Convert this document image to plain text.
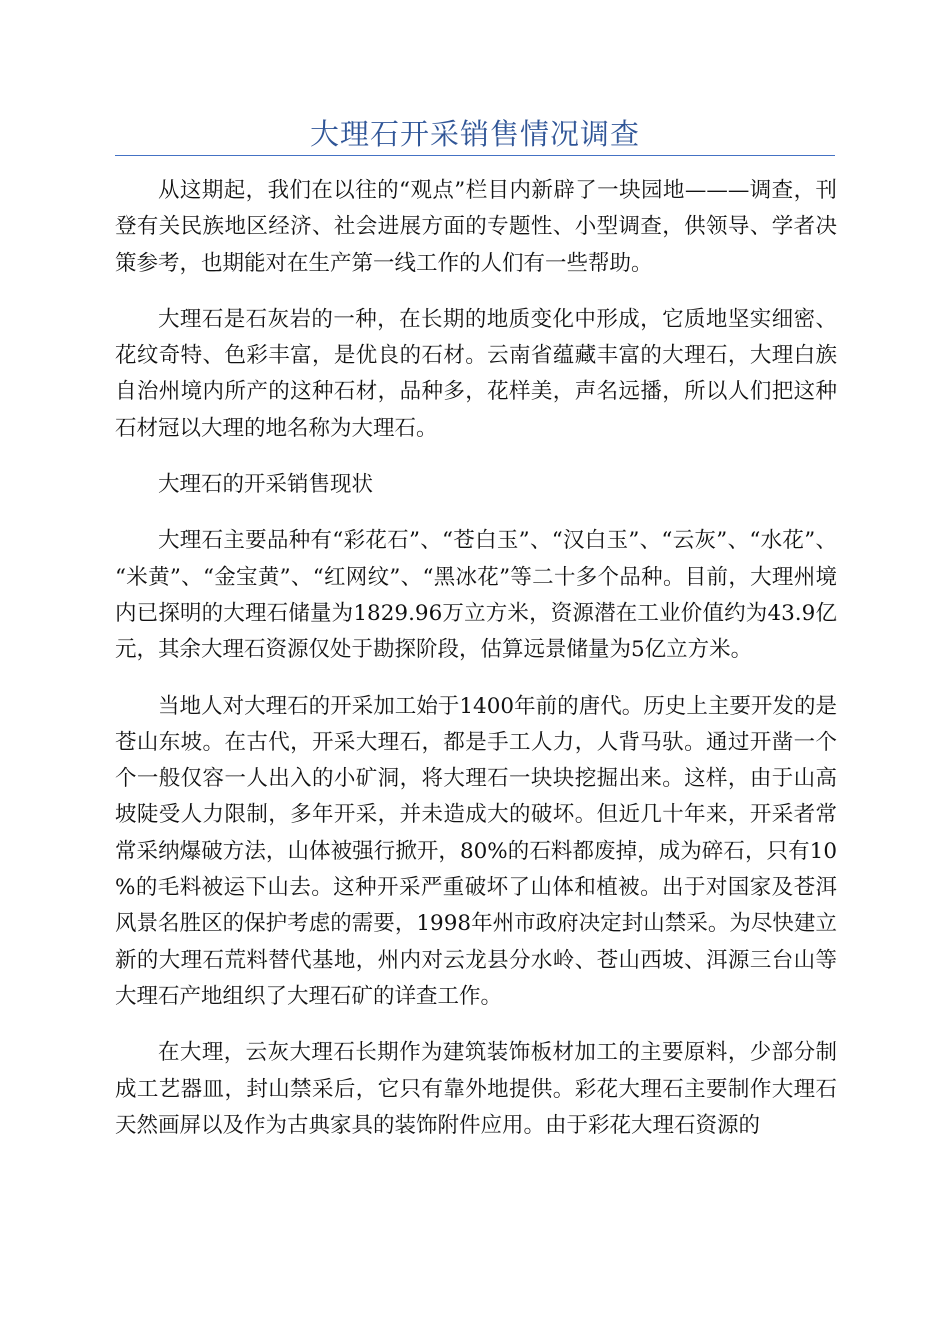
大理石开采销售情况调查

从这期起，我们在以往的“观点”栏目内新辟了一块园地———调查，刊登有关民族地区经济、社会进展方面的专题性、小型调查，供领导、学者决策参考，也期能对在生产第一线工作的人们有一些帮助。

大理石是石灰岩的一种，在长期的地质变化中形成，它质地坚实细密、花纹奇特、色彩丰富，是优良的石材。云南省蕴藏丰富的大理石，大理白族自治州境内所产的这种石材，品种多，花样美，声名远播，所以人们把这种石材冠以大理的地名称为大理石。

大理石的开采销售现状

大理石主要品种有“彩花石”、“苍白玉”、“汉白玉”、“云灰”、“水花”、“米黄”、“金宝黄”、“红网纹”、“黑冰花”等二十多个品种。目前，大理州境内已探明的大理石储量为1829.96万立方米，资源潜在工业价值约为43.9亿元，其余大理石资源仅处于勘探阶段，估算远景储量为5亿立方米。

当地人对大理石的开采加工始于1400年前的唐代。历史上主要开发的是苍山东坡。在古代，开采大理石，都是手工人力，人背马驮。通过开凿一个个一般仅容一人出入的小矿洞，将大理石一块块挖掘出来。这样，由于山高坡陡受人力限制，多年开采，并未造成大的破坏。但近几十年来，开采者常常采纳爆破方法，山体被强行掀开，80%的石料都废掉，成为碎石，只有10%的毛料被运下山去。这种开采严重破坏了山体和植被。出于对国家及苍洱风景名胜区的保护考虑的需要，1998年州市政府决定封山禁采。为尽快建立新的大理石荒料替代基地，州内对云龙县分水岭、苍山西坡、洱源三台山等大理石产地组织了大理石矿的详查工作。

在大理，云灰大理石长期作为建筑装饰板材加工的主要原料，少部分制成工艺器皿，封山禁采后，它只有靠外地提供。彩花大理石主要制作大理石天然画屏以及作为古典家具的装饰附件应用。由于彩花大理石资源的
